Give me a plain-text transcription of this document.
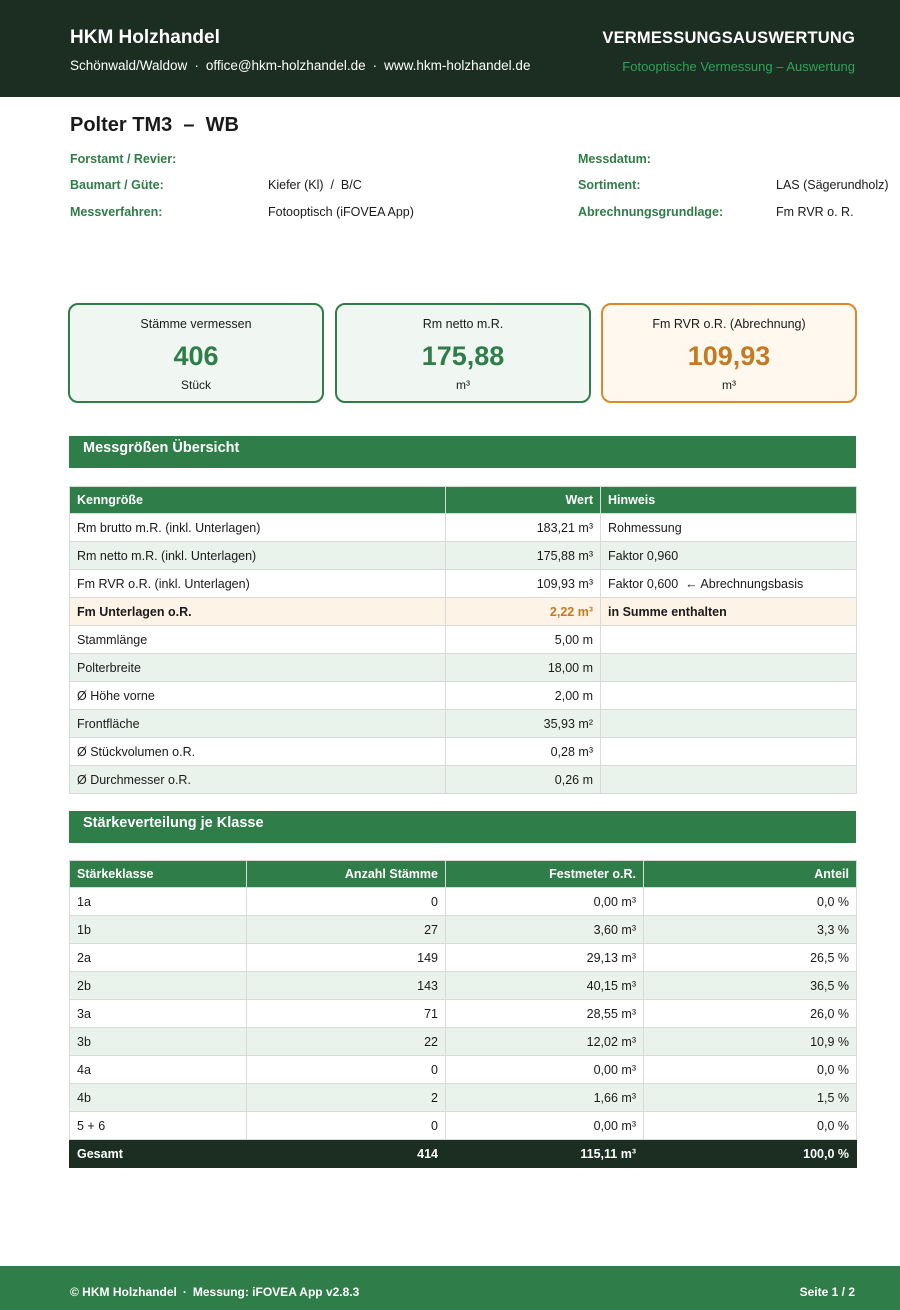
HKM Holzhandel
Schönwald/Waldow · office@hkm-holzhandel.de · www.hkm-holzhandel.de
VERMESSUNGSAUSWERTUNG
Fotooptische Vermessung – Auswertung
Polter TM3  –  WB
Forstamt / Revier:
Baumart / Güte:	Kiefer (Kl)  /  B/C
Messverfahren:	Fotooptisch (iFOVEA App)
Messdatum:
Sortiment:	LAS (Sägerundholz)
Abrechnungsgrundlage:	Fm RVR o. R.
Stämme vermessen
406
Stück
Rm netto m.R.
175,88
m³
Fm RVR o.R. (Abrechnung)
109,93
m³
Messgrößen Übersicht
Kenngröße	Wert	Hinweis
Rm brutto m.R. (inkl. Unterlagen)	183,21 m³	Rohmessung
Rm netto m.R. (inkl. Unterlagen)	175,88 m³	Faktor 0,960
Fm RVR o.R. (inkl. Unterlagen)	109,93 m³	Faktor 0,600  ← Abrechnungsbasis
Fm Unterlagen o.R.	2,22 m³	in Summe enthalten
Stammlänge	5,00 m	
Polterbreite	18,00 m	
Ø Höhe vorne	2,00 m	
Frontfläche	35,93 m²	
Ø Stückvolumen o.R.	0,28 m³	
Ø Durchmesser o.R.	0,26 m	
Stärkeverteilung je Klasse
Stärkeklasse	Anzahl Stämme	Festmeter o.R.	Anteil
1a	0	0,00 m³	0,0 %
1b	27	3,60 m³	3,3 %
2a	149	29,13 m³	26,5 %
2b	143	40,15 m³	36,5 %
3a	71	28,55 m³	26,0 %
3b	22	12,02 m³	10,9 %
4a	0	0,00 m³	0,0 %
4b	2	1,66 m³	1,5 %
5 + 6	0	0,00 m³	0,0 %
Gesamt	414	115,11 m³	100,0 %
© HKM Holzhandel · Messung: iFOVEA App v2.8.3	Seite 1 / 2
